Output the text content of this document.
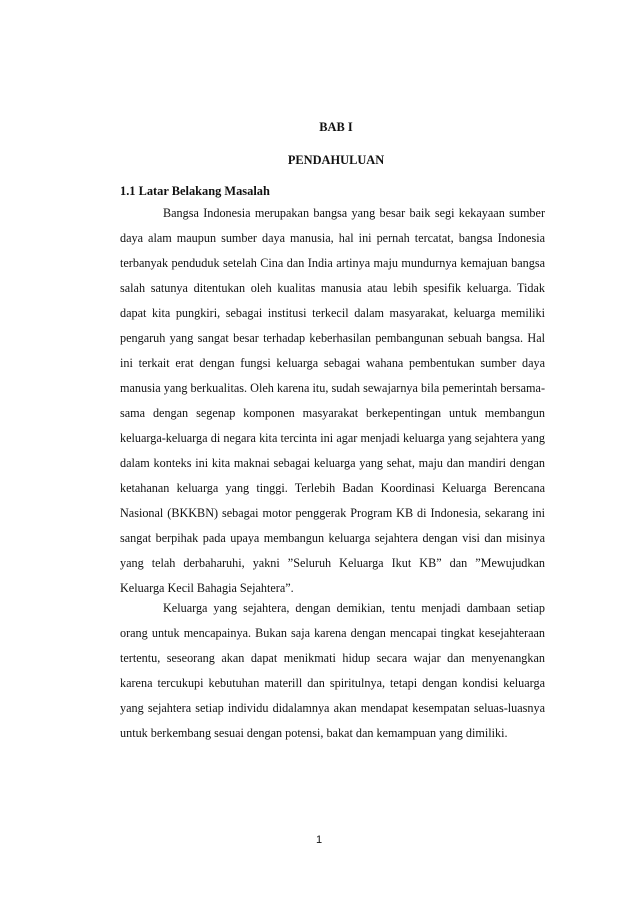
BAB I
PENDAHULUAN
1.1 Latar Belakang Masalah

Bangsa Indonesia merupakan bangsa yang besar baik segi kekayaan sumber daya alam maupun sumber daya manusia, hal ini pernah tercatat, bangsa Indonesia terbanyak penduduk setelah Cina dan India artinya maju mundurnya kemajuan bangsa salah satunya ditentukan oleh kualitas manusia atau lebih spesifik keluarga. Tidak dapat kita pungkiri, sebagai institusi terkecil dalam masyarakat, keluarga memiliki pengaruh yang sangat besar terhadap keberhasilan pembangunan sebuah bangsa. Hal ini terkait erat dengan fungsi keluarga sebagai wahana pembentukan sumber daya manusia yang berkualitas. Oleh karena itu, sudah sewajarnya bila pemerintah bersama-sama dengan segenap komponen masyarakat berkepentingan untuk membangun keluarga-keluarga di negara kita tercinta ini agar menjadi keluarga yang sejahtera yang dalam konteks ini kita maknai sebagai keluarga yang sehat, maju dan mandiri dengan ketahanan keluarga yang tinggi. Terlebih Badan Koordinasi Keluarga Berencana Nasional (BKKBN) sebagai motor penggerak Program KB di Indonesia, sekarang ini sangat berpihak pada upaya membangun keluarga sejahtera dengan visi dan misinya yang telah derbaharuhi, yakni ”Seluruh Keluarga Ikut KB” dan ”Mewujudkan Keluarga Kecil Bahagia Sejahtera”.

Keluarga yang sejahtera, dengan demikian, tentu menjadi dambaan setiap orang untuk mencapainya. Bukan saja karena dengan mencapai tingkat kesejahteraan tertentu, seseorang akan dapat menikmati hidup secara wajar dan menyenangkan karena tercukupi kebutuhan materill dan spiritulnya, tetapi dengan kondisi keluarga yang sejahtera setiap individu didalamnya akan mendapat kesempatan seluas-luasnya untuk berkembang sesuai dengan potensi, bakat dan kemampuan yang dimiliki.

1
